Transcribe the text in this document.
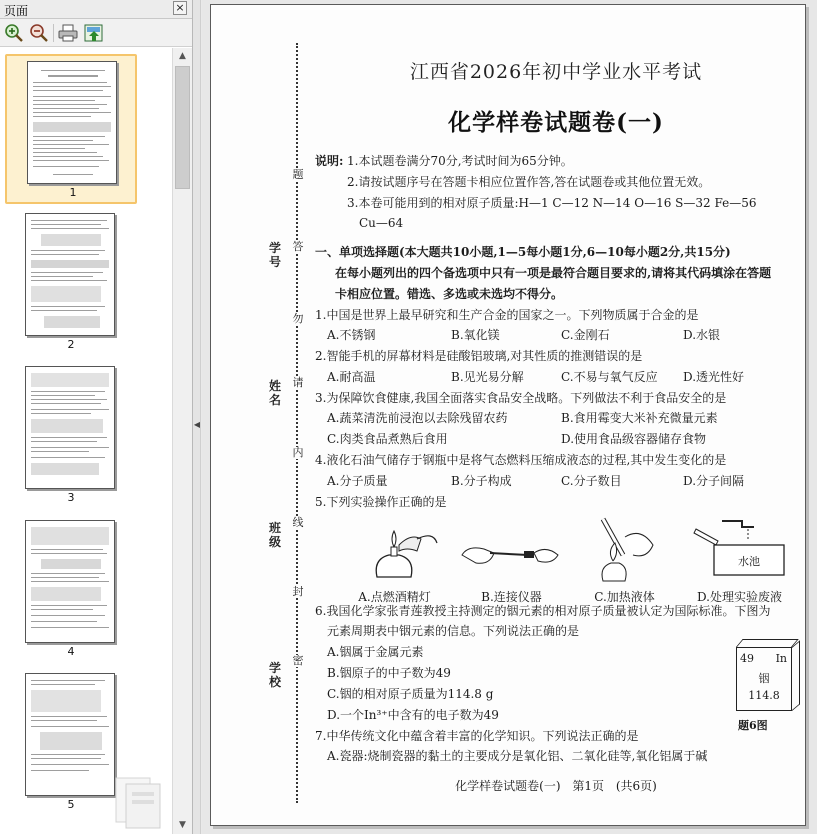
页面	×
1
2
3
4
5
▲
▼
◀
题
答
勿
请
内
线
封
密
学号
姓名
班级
学校
江西省2026年初中学业水平考试
化学样卷试题卷(一)
说明: 1.本试题卷满分70分,考试时间为65分钟。
2.请按试题序号在答题卡相应位置作答,答在试题卷或其他位置无效。
3.本卷可能用到的相对原子质量:H—1 C—12 N—14 O—16 S—32 Fe—56
Cu—64
一、单项选择题(本大题共10小题,1—5每小题1分,6—10每小题2分,共15分)
在每小题列出的四个备选项中只有一项是最符合题目要求的,请将其代码填涂在答题
卡相应位置。错选、多选或未选均不得分。
1.中国是世界上最早研究和生产合金的国家之一。下列物质属于合金的是
A.不锈钢	B.氧化镁	C.金刚石	D.水银
2.智能手机的屏幕材料是硅酸铝玻璃,对其性质的推测错误的是
A.耐高温	B.见光易分解	C.不易与氧气反应 D.透光性好
3.为保障饮食健康,我国全面落实食品安全战略。下列做法不利于食品安全的是
A.蔬菜清洗前浸泡以去除残留农药	B.食用霉变大米补充微量元素
C.肉类食品煮熟后食用	D.使用食品级容器储存食物
4.液化石油气储存于钢瓶中是将气态燃料压缩成液态的过程,其中发生变化的是
A.分子质量	B.分子构成	C.分子数目	D.分子间隔
5.下列实验操作正确的是
A.点燃酒精灯	B.连接仪器	C.加热液体
水池
D.处理实验废液
6.我国化学家张青莲教授主持测定的铟元素的相对原子质量被认定为国际标准。下图为
元素周期表中铟元素的信息。下列说法正确的是
A.铟属于金属元素
B.铟原子的中子数为49
C.铟的相对原子质量为114.8 g
D.一个In³⁺中含有的电子数为49
49 In
铟
114.8
题6图
7.中华传统文化中蕴含着丰富的化学知识。下列说法正确的是
A.瓷器:烧制瓷器的黏土的主要成分是氧化铝、二氧化硅等,氧化铝属于碱
化学样卷试题卷(一) 第1页 (共6页)
